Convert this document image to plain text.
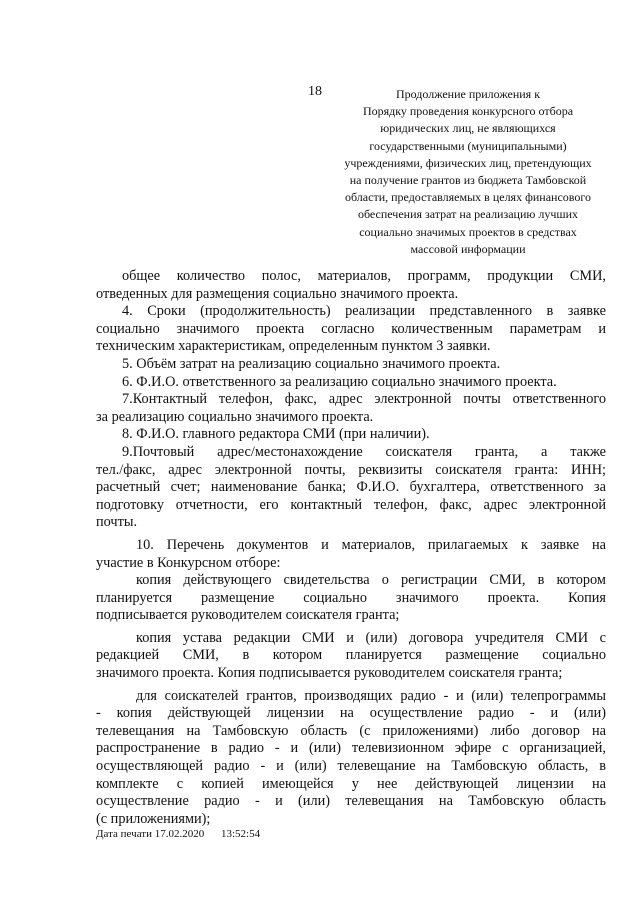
18	Продолжение приложения к
Порядку проведения конкурсного отбора
юридических лиц, не являющихся
государственными (муниципальными)
учреждениями, физических лиц, претендующих
на получение грантов из бюджета Тамбовской
области, предоставляемых в целях финансового
обеспечения затрат на реализацию лучших
социально значимых проектов в средствах
массовой информации
общее количество полос, материалов, программ, продукции СМИ,
отведенных для размещения социально значимого проекта.
4. Сроки (продолжительность) реализации представленного в заявке
социально значимого проекта согласно количественным параметрам и
техническим характеристикам, определенным пунктом 3 заявки.
5. Объём затрат на реализацию социально значимого проекта.
6. Ф.И.О. ответственного за реализацию социально значимого проекта.
7.Контактный телефон, факс, адрес электронной почты ответственного
за реализацию социально значимого проекта.
8. Ф.И.О. главного редактора СМИ (при наличии).
9.Почтовый адрес/местонахождение соискателя гранта, а также
тел./факс, адрес электронной почты, реквизиты соискателя гранта: ИНН;
расчетный счет; наименование банка; Ф.И.О. бухгалтера, ответственного за
подготовку отчетности, его контактный телефон, факс, адрес электронной
почты.
10. Перечень документов и материалов, прилагаемых к заявке на
участие в Конкурсном отборе:
копия действующего свидетельства о регистрации СМИ, в котором
планируется размещение социально значимого проекта. Копия
подписывается руководителем соискателя гранта;
копия устава редакции СМИ и (или) договора учредителя СМИ с
редакцией СМИ, в котором планируется размещение социально
значимого проекта. Копия подписывается руководителем соискателя гранта;
для соискателей грантов, производящих радио - и (или) телепрограммы
- копия действующей лицензии на осуществление радио - и (или)
телевещания на Тамбовскую область (с приложениями) либо договор на
распространение в радио - и (или) телевизионном эфире с организацией,
осуществляющей радио - и (или) телевещание на Тамбовскую область, в
комплекте с копией имеющейся у нее действующей лицензии на
осуществление радио - и (или) телевещания на Тамбовскую область
(с приложениями);
Дата печати 17.02.2020 13:52:54
